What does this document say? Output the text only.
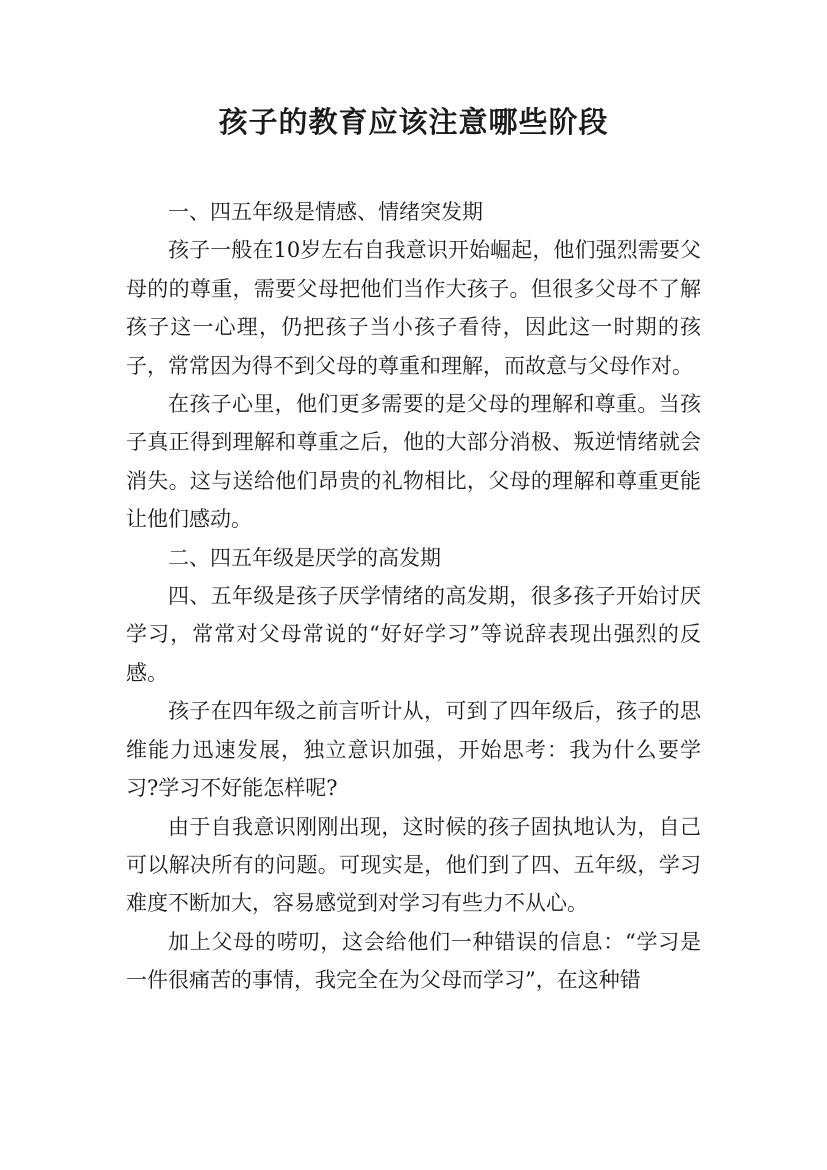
孩子的教育应该注意哪些阶段

一、四五年级是情感、情绪突发期

孩子一般在10岁左右自我意识开始崛起，他们强烈需要父母的的尊重，需要父母把他们当作大孩子。但很多父母不了解孩子这一心理，仍把孩子当小孩子看待，因此这一时期的孩子，常常因为得不到父母的尊重和理解，而故意与父母作对。

在孩子心里，他们更多需要的是父母的理解和尊重。当孩子真正得到理解和尊重之后，他的大部分消极、叛逆情绪就会消失。这与送给他们昂贵的礼物相比，父母的理解和尊重更能让他们感动。

二、四五年级是厌学的高发期

四、五年级是孩子厌学情绪的高发期，很多孩子开始讨厌学习，常常对父母常说的“好好学习”等说辞表现出强烈的反感。

孩子在四年级之前言听计从，可到了四年级后，孩子的思维能力迅速发展，独立意识加强，开始思考：我为什么要学习?学习不好能怎样呢?

由于自我意识刚刚出现，这时候的孩子固执地认为，自己可以解决所有的问题。可现实是，他们到了四、五年级，学习难度不断加大，容易感觉到对学习有些力不从心。

加上父母的唠叨，这会给他们一种错误的信息：“学习是一件很痛苦的事情，我完全在为父母而学习”，在这种错
